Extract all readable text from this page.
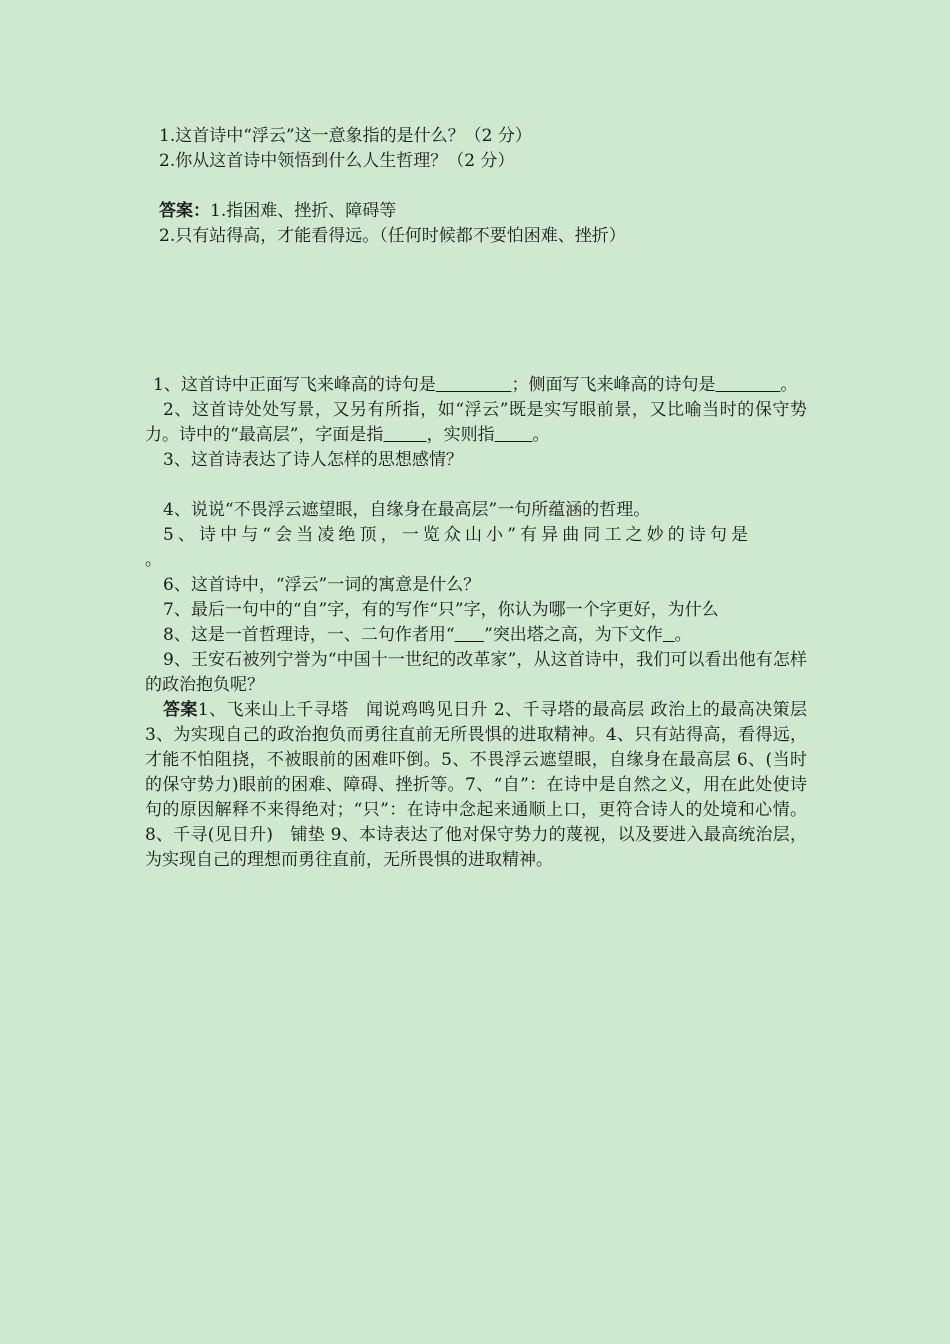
1.这首诗中“浮云”这一意象指的是什么？（2 分）
2.你从这首诗中领悟到什么人生哲理？（2 分）
答案：1.指困难、挫折、障碍等
2.只有站得高，才能看得远。（任何时候都不要怕困难、挫折）
1、这首诗中正面写飞来峰高的诗句是	；侧面写飞来峰高的诗句是	。
2、这首诗处处写景，又另有所指，如“浮云”既是实写眼前景，又比喻当时的保守势力。诗中的“最高层”，字面是指	，实则指 。
3、这首诗表达了诗人怎样的思想感情？
4、说说“不畏浮云遮望眼，自缘身在最高层”一句所蕴涵的哲理。
5、诗中与“会当凌绝顶，一览众山小”有异曲同工之妙的诗句是
。
6、这首诗中，“浮云”一词的寓意是什么？
7、最后一句中的“自”字，有的写作“只”字，你认为哪一个字更好，为什么
8、这是一首哲理诗，一、二句作者用“ ”突出塔之高，为下文作 。
9、王安石被列宁誉为“中国十一世纪的改革家”，从这首诗中，我们可以看出他有怎样的政治抱负呢？
答案1、飞来山上千寻塔　闻说鸡鸣见日升 2、千寻塔的最高层 政治上的最高决策层 3、为实现自己的政治抱负而勇往直前无所畏惧的进取精神。4、只有站得高，看得远，才能不怕阻挠，不被眼前的困难吓倒。5、不畏浮云遮望眼，自缘身在最高层 6、(当时的保守势力)眼前的困难、障碍、挫折等。7、“自”：在诗中是自然之义，用在此处使诗句的原因解释不来得绝对；“只”：在诗中念起来通顺上口，更符合诗人的处境和心情。8、千寻(见日升)　铺垫 9、本诗表达了他对保守势力的蔑视，以及要进入最高统治层，为实现自己的理想而勇往直前，无所畏惧的进取精神。
